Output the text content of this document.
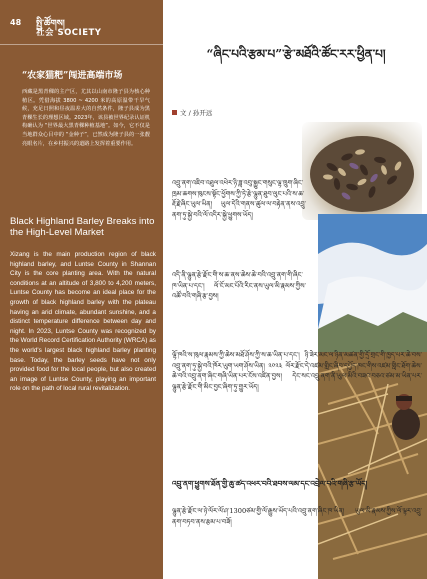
48 སྤྱི་ཚོགས།
社会 SOCIETY
“农家猫粑”闯进高端市场
西藏是黑青稞的主产区，尤其以山南市隆子县为核心种植区。凭借海拔 3800 ~ 4200 米的高原温带干旱气候，充足日照和昼夜温差大的自然条件，隆子县成为黑青稞生长的理想区域。2023年，该县被世界纪录认证机构确认为 “世界最大黑青稞种植基地”。如今，它不仅是当地群众心目中的 “金种子”，已然成为隆子县的一张靓亮眼名片，在乡村振兴的道路上发挥着重要作用。
Black Highland Barley Breaks into the High-Level Market
Xizang is the main production region of black highland barley, and Luntse County in Shannan City is the core planting area. With the natural conditions at an altitude of 3,800 to 4,200 meters, Luntse County has become an ideal place for the growth of black highland barley with the plateau having an arid climate, abundant sunshine, and a distinct temperature difference between day and night. In 2023, Luntse County was recognized by the World Record Certification Authority (WRCA) as the world's largest black highland barley planting base. Today, the barley seeds have not only provided food for the local people, but also created an image of Luntse County, playing an important role on the path of local rural revitalization.
“ཞིང་པའི་རྩམ་པ”་རྩེ་མཐོའི་ཚོང་རར་ཕྱིན་པ།
文 / 孙开远
འབྲུ་ནག་འཇིབ་འཐུལ་འཕེར་ཉི་ཟླ་འབུ་སྐྱུང་གསུང་ལྷ་ཁྲུག་ཞིང་ཁྲམ་ཆགས་ཁུངས་སྟོང་ཕྱོགས་ཀྱི་ཏེ་རྩེ་ལྷུན་ཐུབ་ལུང་པའི་ས་ཆ་རྡོ་རྗེ་ཞིང་ཡུལ་ཡིན། ཡུལ་དེའི་གནས་ཚུལ་ལ་བརྟེན་ནས་འབྲུ་ནག་ཏུ་སྐྱེ་བའི་ལོ་འདིར་སྐྱེ་ཕྱུགས་ཡོད།
འདི་ནི་ལྷུན་རྩེ་རྫོང་གི་ས་ཆ་ནས་ཆེས་ཆེ་བའི་འབྲུ་ནག་གི་ཞིང་ཁ་ཡིན་པ་དང་། ལོ་ངོ་མང་པོའི་རིང་ནས་ཡུལ་མི་རྣམས་ཀྱིས་འཚོ་བའི་གཞི་རྩ་བྱས།
ལྷོ་ཁའི་ས་ཁུལ་རྣམས་ཀྱི་ཆེས་མཐོ་ཤོས་ཀྱི་ས་ཆ་ཡིན་པ་དང་། ཉི་ཟེར་མང་ལ་ཉིན་མཚན་གྱི་དྲོ་གྲང་གི་ཁྱད་པར་ཆེ་བས་འབྲུ་ནག་ཏུ་སྐྱེ་བའི་ཁོར་ཡུག་ཡག་ཤོས་ཡིན། ༢༠༢༣ ལོར་རྫོང་དེ་འཛམ་གླིང་ཞིབ་དཔྱོད་ཁང་གིས་འཛམ་གླིང་ཐོག་ཆེས་ཆེ་བའི་འབྲུ་ནག་ཞིང་གཞི་ཡིན་པར་ངོས་འཛིན་བྱས། དེང་སང་འབྲུ་ནག་ནི་ཡུལ་མིའི་བཟའ་བཅའ་ཙམ་མ་ཡིན་པར་ལྷུན་རྩེ་རྫོང་གི་མིང་བྱང་ཞིག་ཏུ་གྱུར་ཡོད།
འབྲུ་ནག་ཕྱུགས་ཐོན་གྱི་ཆུ་ཚད་འཕར་བའི་ཐབས་ལམ་དང་འབྲེལ་བའི་གཞི་རྩ་ཡོད།
ལྷུན་རྩེ་རྫོང་ལ་ཉེ་ལོར་ལོ་ཤ་1300ཙམ་གྱི་ལོ་རྒྱུས་ཡོད་པའི་འབྲུ་ནག་ཞིང་ཁ་ཡིན། ཡུལ་མི་རྣམས་ཀྱིས་ལོ་ལྟར་འབྲུ་ནག་བཏབ་ནས་རྩམ་པ་བཟོ།
